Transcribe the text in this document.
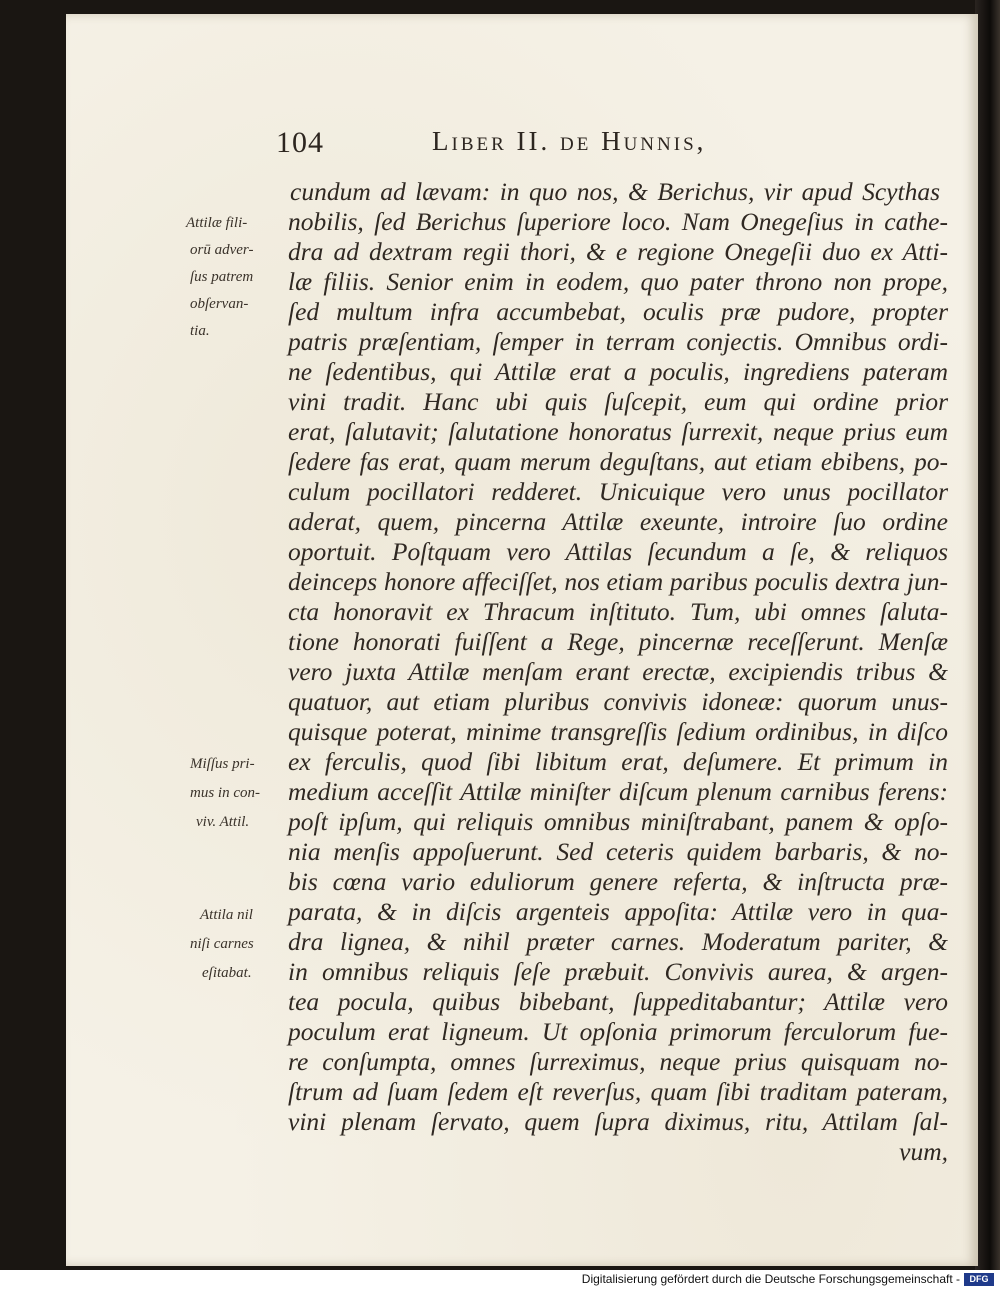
104	Liber II. de Hunnis,
cundum ad lævam: in quo nos, & Berichus, vir apud Scythas
nobilis, ſed Berichus ſuperiore loco. Nam Onegeſius in cathe-
dra ad dextram regii thori, & e regione Onegeſii duo ex Atti-
læ filiis. Senior enim in eodem, quo pater throno non prope,
ſed multum infra accumbebat, oculis præ pudore, propter
patris præſentiam, ſemper in terram conjectis. Omnibus ordi-
ne ſedentibus, qui Attilæ erat a poculis, ingrediens pateram
vini tradit. Hanc ubi quis ſuſcepit, eum qui ordine prior
erat, ſalutavit; ſalutatione honoratus ſurrexit, neque prius eum
ſedere fas erat, quam merum deguſtans, aut etiam ebibens, po-
culum pocillatori redderet. Unicuique vero unus pocillator
aderat, quem, pincerna Attilæ exeunte, introire ſuo ordine
oportuit. Poſtquam vero Attilas ſecundum a ſe, & reliquos
deinceps honore affeciſſet, nos etiam paribus poculis dextra jun-
cta honoravit ex Thracum inſtituto. Tum, ubi omnes ſaluta-
tione honorati fuiſſent a Rege, pincernæ receſſerunt. Menſæ
vero juxta Attilæ menſam erant erectæ, excipiendis tribus &
quatuor, aut etiam pluribus convivis idoneæ: quorum unus-
quisque poterat, minime transgreſſis ſedium ordinibus, in diſco
ex ferculis, quod ſibi libitum erat, deſumere. Et primum in
medium acceſſit Attilæ miniſter diſcum plenum carnibus ferens:
poſt ipſum, qui reliquis omnibus miniſtrabant, panem & opſo-
nia menſis appoſuerunt. Sed ceteris quidem barbaris, & no-
bis cœna vario eduliorum genere referta, & inſtructa præ-
parata, & in diſcis argenteis appoſita: Attilæ vero in qua-
dra lignea, & nihil præter carnes. Moderatum pariter, &
in omnibus reliquis ſeſe præbuit. Convivis aurea, & argen-
tea pocula, quibus bibebant, ſuppeditabantur; Attilæ vero
poculum erat ligneum. Ut opſonia primorum ferculorum fue-
re conſumpta, omnes ſurreximus, neque prius quisquam no-
ſtrum ad ſuam ſedem eſt reverſus, quam ſibi traditam pateram,
vini plenam ſervato, quem ſupra diximus, ritu, Attilam ſal-
vum,
Attilæ fili-
orū adver-
ſus patrem
obſervan-
tia.
Miſſus pri-
mus in con-
viv. Attil.
Attila nil
niſi carnes
eſitabat.
Digitalisierung gefördert durch die Deutsche Forschungsgemeinschaft -	DFG
